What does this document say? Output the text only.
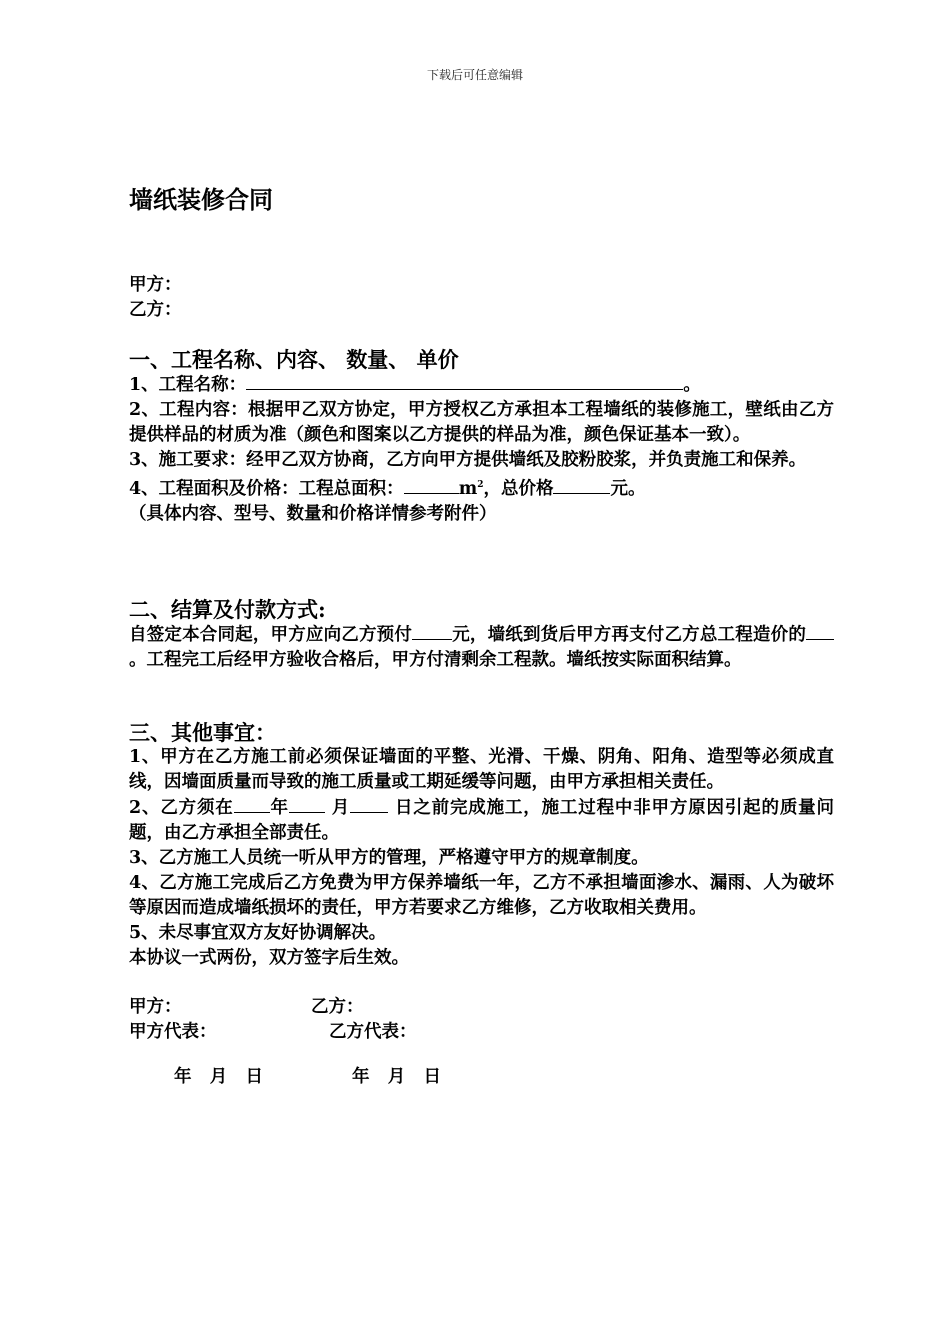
下载后可任意编辑
墙纸装修合同
甲方：
乙方：
一、工程名称、内容、 数量、 单价
1、工程名称：	。
2、工程内容：根据甲乙双方协定，甲方授权乙方承担本工程墙纸的装修施工，壁纸由乙方提供样品的材质为准（颜色和图案以乙方提供的样品为准，颜色保证基本一致）。
3、施工要求：经甲乙双方协商，乙方向甲方提供墙纸及胶粉胶浆，并负责施工和保养。
4、工程面积及价格：工程总面积：	$m^2$，总价格	元。
（具体内容、型号、数量和价格详情参考附件）
二、结算及付款方式:
自签定本合同起，甲方应向乙方预付 元，墙纸到货后甲方再支付乙方总工程造价的。工程完工后经甲方验收合格后，甲方付清剩余工程款。墙纸按实际面积结算。
三、其他事宜：
1、甲方在乙方施工前必须保证墙面的平整、光滑、干燥、阴角、阳角、造型等必须成直线，因墙面质量而导致的施工质量或工期延缓等问题，由甲方承担相关责任。
2、乙方须在 年 月 日之前完成施工，施工过程中非甲方原因引起的质量问题，由乙方承担全部责任。
3、乙方施工人员统一听从甲方的管理，严格遵守甲方的规章制度。
4、乙方施工完成后乙方免费为甲方保养墙纸一年，乙方不承担墙面渗水、漏雨、人为破坏等原因而造成墙纸损坏的责任，甲方若要求乙方维修，乙方收取相关费用。
5、未尽事宜双方友好协调解决。
本协议一式两份，双方签字后生效。
甲方：	乙方：
甲方代表：	乙方代表：

年   月   日

	年   月   日
